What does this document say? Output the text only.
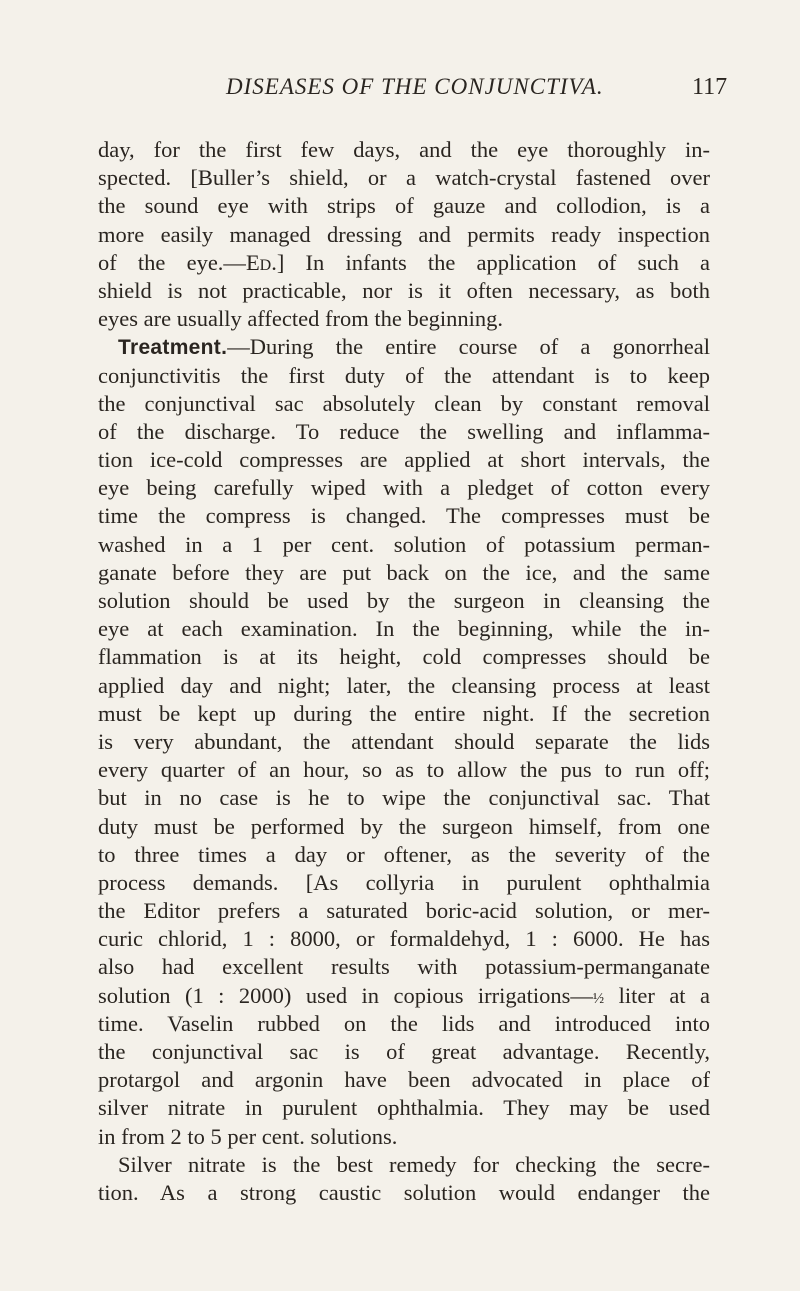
DISEASES OF THE CONJUNCTIVA.	117
day, for the first few days, and the eye thoroughly in-
spected. [Buller’s shield, or a watch-crystal fastened over
the sound eye with strips of gauze and collodion, is a
more easily managed dressing and permits ready inspection
of the eye.—Ed.] In infants the application of such a
shield is not practicable, nor is it often necessary, as both
eyes are usually affected from the beginning.
Treatment.—During the entire course of a gonorrheal
conjunctivitis the first duty of the attendant is to keep
the conjunctival sac absolutely clean by constant removal
of the discharge. To reduce the swelling and inflamma-
tion ice-cold compresses are applied at short intervals, the
eye being carefully wiped with a pledget of cotton every
time the compress is changed. The compresses must be
washed in a 1 per cent. solution of potassium perman-
ganate before they are put back on the ice, and the same
solution should be used by the surgeon in cleansing the
eye at each examination. In the beginning, while the in-
flammation is at its height, cold compresses should be
applied day and night; later, the cleansing process at least
must be kept up during the entire night. If the secretion
is very abundant, the attendant should separate the lids
every quarter of an hour, so as to allow the pus to run off;
but in no case is he to wipe the conjunctival sac. That
duty must be performed by the surgeon himself, from one
to three times a day or oftener, as the severity of the
process demands. [As collyria in purulent ophthalmia
the Editor prefers a saturated boric-acid solution, or mer-
curic chlorid, 1 : 8000, or formaldehyd, 1 : 6000. He has
also had excellent results with potassium-permanganate
solution (1 : 2000) used in copious irrigations—½ liter at a
time. Vaselin rubbed on the lids and introduced into
the conjunctival sac is of great advantage. Recently,
protargol and argonin have been advocated in place of
silver nitrate in purulent ophthalmia. They may be used
in from 2 to 5 per cent. solutions.
Silver nitrate is the best remedy for checking the secre-
tion. As a strong caustic solution would endanger the
